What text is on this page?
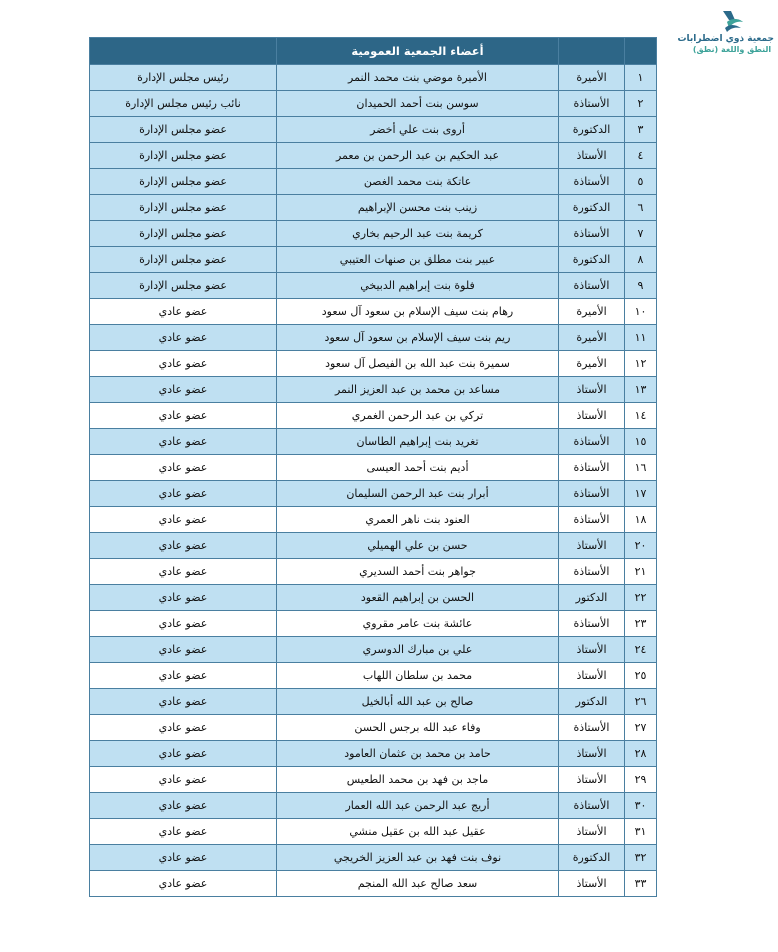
جمعية ذوي اضطرابات
النطق واللغة (نطق)
		أعضاء الجمعية العمومية	
١	الأميرة	الأميرة موضي بنت محمد النمر	رئيس مجلس الإدارة
٢	الأستاذة	سوسن بنت أحمد الحميدان	نائب رئيس مجلس الإدارة
٣	الدكتورة	أروى بنت علي أخضر	عضو مجلس الإدارة
٤	الأستاذ	عبد الحكيم بن عبد الرحمن بن معمر	عضو مجلس الإدارة
٥	الأستاذة	عاتكة بنت محمد الغصن	عضو مجلس الإدارة
٦	الدكتورة	زينب بنت محسن الإبراهيم	عضو مجلس الإدارة
٧	الأستاذة	كريمة بنت عبد الرحيم بخاري	عضو مجلس الإدارة
٨	الدكتورة	عبير بنت مطلق بن صنهات العتيبي	عضو مجلس الإدارة
٩	الأستاذة	فلوة بنت إبراهيم الدبيخي	عضو مجلس الإدارة
١٠	الأميرة	رهام بنت سيف الإسلام بن سعود آل سعود	عضو عادي
١١	الأميرة	ريم بنت سيف الإسلام بن سعود آل سعود	عضو عادي
١٢	الأميرة	سميرة بنت عبد الله بن الفيصل آل سعود	عضو عادي
١٣	الأستاذ	مساعد بن محمد بن عبد العزيز النمر	عضو عادي
١٤	الأستاذ	تركي بن عبد الرحمن الغمري	عضو عادي
١٥	الأستاذة	تغريد بنت إبراهيم الطاسان	عضو عادي
١٦	الأستاذة	أديم بنت أحمد العيسى	عضو عادي
١٧	الأستاذة	أبرار بنت عبد الرحمن السليمان	عضو عادي
١٨	الأستاذة	العنود بنت ناهر العمري	عضو عادي
٢٠	الأستاذ	حسن بن علي الهميلي	عضو عادي
٢١	الأستاذة	جواهر بنت أحمد السديري	عضو عادي
٢٢	الدكتور	الحسن بن إبراهيم القعود	عضو عادي
٢٣	الأستاذة	عائشة بنت عامر مقروي	عضو عادي
٢٤	الأستاذ	علي بن مبارك الدوسري	عضو عادي
٢٥	الأستاذ	محمد بن سلطان اللهاب	عضو عادي
٢٦	الدكتور	صالح بن عبد الله أبالخيل	عضو عادي
٢٧	الأستاذة	وفاء عبد الله برجس الحسن	عضو عادي
٢٨	الأستاذ	حامد بن محمد بن عثمان العامود	عضو عادي
٢٩	الأستاذ	ماجد بن فهد بن محمد الطعيس	عضو عادي
٣٠	الأستاذة	أريج عبد الرحمن عبد الله العمار	عضو عادي
٣١	الأستاذ	عقيل عبد الله بن عقيل منشي	عضو عادي
٣٢	الدكتورة	نوف بنت فهد بن عبد العزيز الخريجي	عضو عادي
٣٣	الأستاذ	سعد صالح عبد الله المنجم	عضو عادي
